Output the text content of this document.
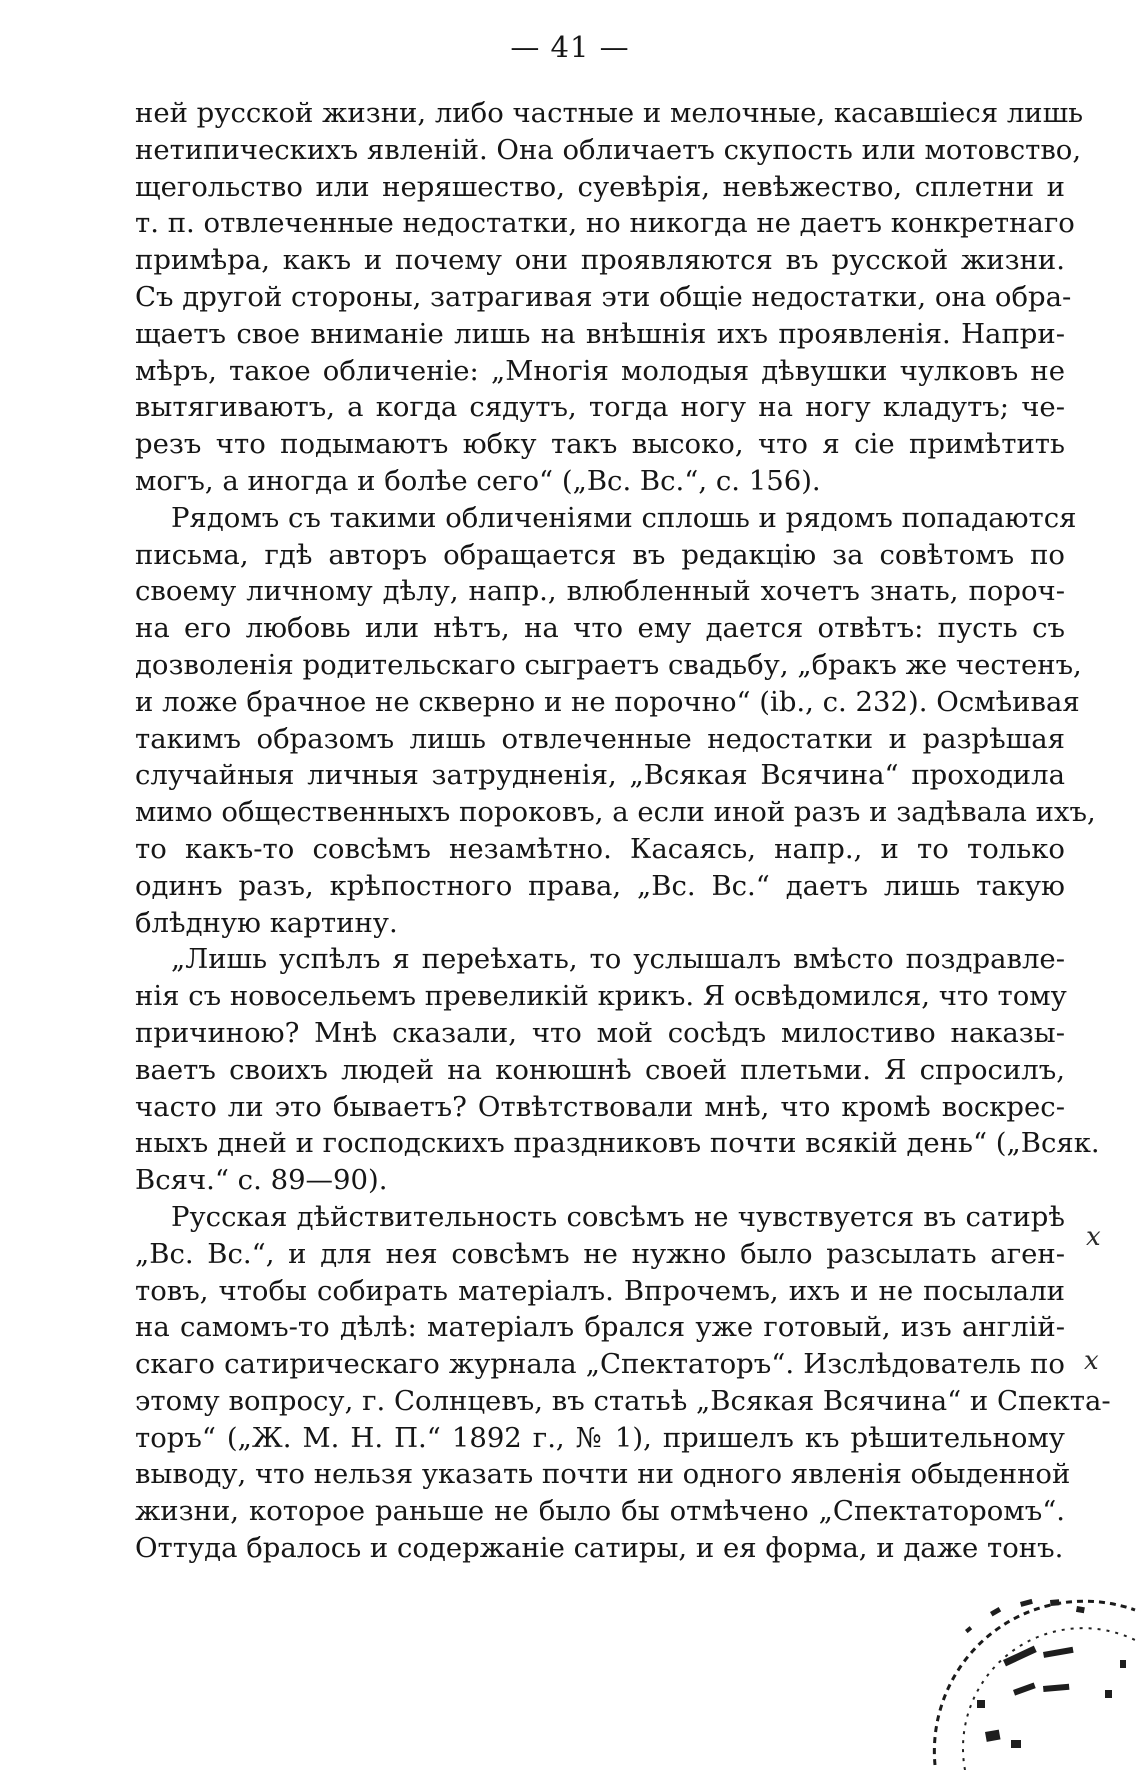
— 41 —
ней русской жизни, либо частные и мелочные, касавшіеся лишь
нетипическихъ явленій. Она обличаетъ скупость или мотовство,
щегольство или неряшество, суевѣрія, невѣжество, сплетни и
т. п. отвлеченные недостатки, но никогда не даетъ конкретнаго
примѣра, какъ и почему они проявляются въ русской жизни.
Съ другой стороны, затрагивая эти общіе недостатки, она обра-
щаетъ свое вниманіе лишь на внѣшнія ихъ проявленія. Напри-
мѣръ, такое обличеніе: „Многія молодыя дѣвушки чулковъ не
вытягиваютъ, а когда сядутъ, тогда ногу на ногу кладутъ; че-
резъ что подымаютъ юбку такъ высоко, что я сіе примѣтить
могъ, а иногда и болѣе сего“ („Вс. Вс.“, с. 156).
Рядомъ съ такими обличеніями сплошь и рядомъ попадаются
письма, гдѣ авторъ обращается въ редакцію за совѣтомъ по
своему личному дѣлу, напр., влюбленный хочетъ знать, пороч-
на его любовь или нѣтъ, на что ему дается отвѣтъ: пусть съ
дозволенія родительскаго сыграетъ свадьбу, „бракъ же честенъ,
и ложе брачное не скверно и не порочно“ (ib., с. 232). Осмѣивая
такимъ образомъ лишь отвлеченные недостатки и разрѣшая
случайныя личныя затрудненія, „Всякая Всячина“ проходила
мимо общественныхъ пороковъ, а если иной разъ и задѣвала ихъ,
то какъ-то совсѣмъ незамѣтно. Касаясь, напр., и то только
одинъ разъ, крѣпостного права, „Вс. Вс.“ даетъ лишь такую
блѣдную картину.
„Лишь успѣлъ я переѣхать, то услышалъ вмѣсто поздравле-
нія съ новосельемъ превеликій крикъ. Я освѣдомился, что тому
причиною? Мнѣ сказали, что мой сосѣдъ милостиво наказы-
ваетъ своихъ людей на конюшнѣ своей плетьми. Я спросилъ,
часто ли это бываетъ? Отвѣтствовали мнѣ, что кромѣ воскрес-
ныхъ дней и господскихъ праздниковъ почти всякій день“ („Всяк.
Всяч.“ с. 89—90).
Русская дѣйствительность совсѣмъ не чувствуется въ сатирѣ
„Вс. Вс.“, и для нея совсѣмъ не нужно было разсылать аген-
товъ, чтобы собирать матеріалъ. Впрочемъ, ихъ и не посылали
на самомъ-то дѣлѣ: матеріалъ брался уже готовый, изъ англій-
скаго сатирическаго журнала „Спектаторъ“. Изслѣдователь по
этому вопросу, г. Солнцевъ, въ статьѣ „Всякая Всячина“ и Спекта-
торъ“ („Ж. М. Н. П.“ 1892 г., № 1), пришелъ къ рѣшительному
выводу, что нельзя указать почти ни одного явленія обыденной
жизни, которое раньше не было бы отмѣчено „Спектаторомъ“.
Оттуда бралось и содержаніе сатиры, и ея форма, и даже тонъ.
x
x
